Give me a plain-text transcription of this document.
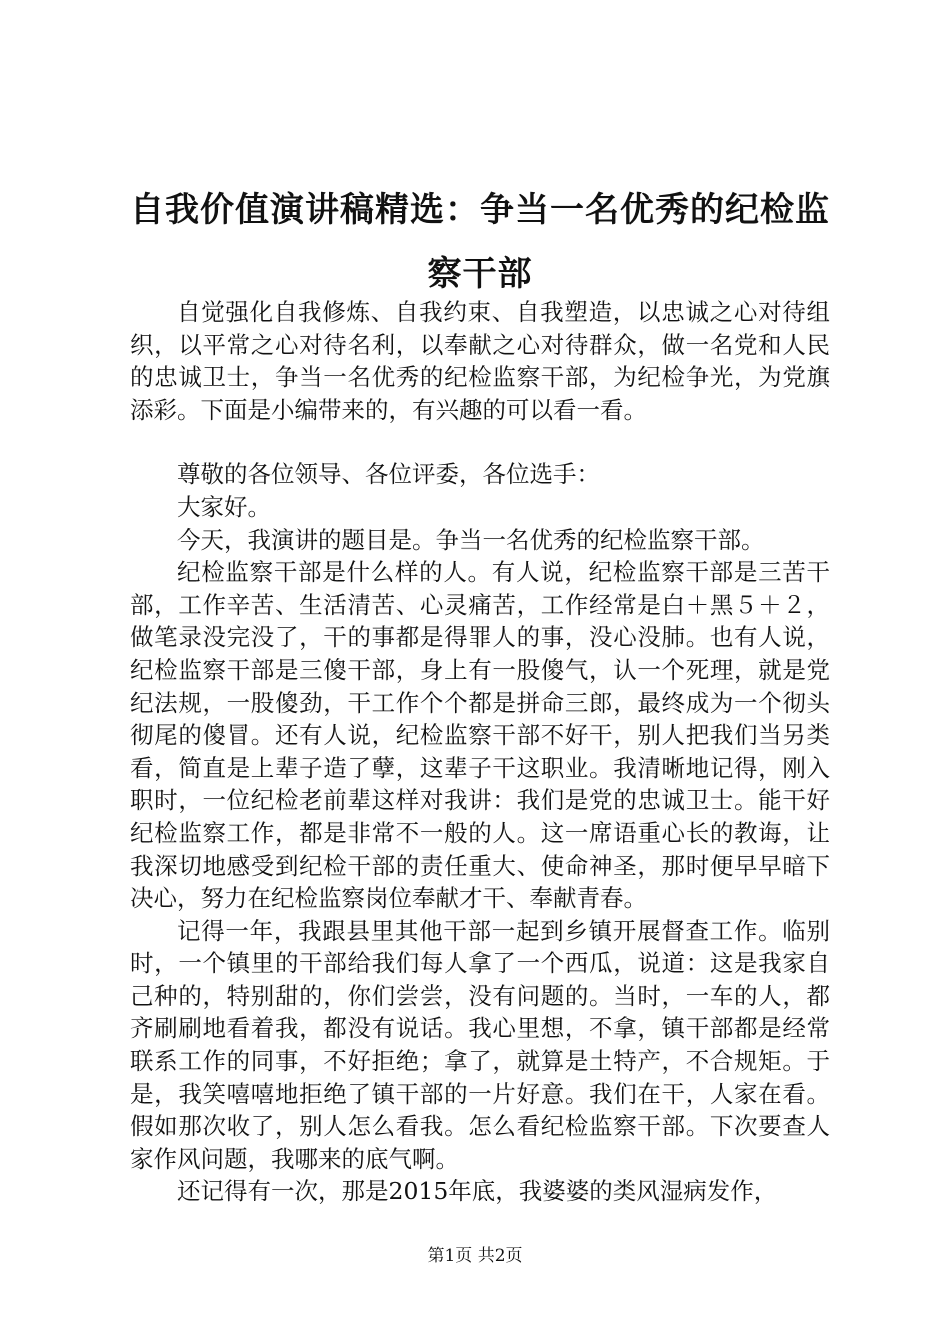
自我价值演讲稿精选：争当一名优秀的纪检监察干部

自觉强化自我修炼、自我约束、自我塑造，以忠诚之心对待组织，以平常之心对待名利，以奉献之心对待群众，做一名党和人民的忠诚卫士，争当一名优秀的纪检监察干部，为纪检争光，为党旗添彩。下面是小编带来的，有兴趣的可以看一看。

尊敬的各位领导、各位评委，各位选手：

大家好。

今天，我演讲的题目是。争当一名优秀的纪检监察干部。

纪检监察干部是什么样的人。有人说，纪检监察干部是三苦干部，工作辛苦、生活清苦、心灵痛苦，工作经常是白＋黑５＋２，做笔录没完没了，干的事都是得罪人的事，没心没肺。也有人说，纪检监察干部是三傻干部，身上有一股傻气，认一个死理，就是党纪法规，一股傻劲，干工作个个都是拼命三郎，最终成为一个彻头彻尾的傻冒。还有人说，纪检监察干部不好干，别人把我们当另类看，简直是上辈子造了孽，这辈子干这职业。我清晰地记得，刚入职时，一位纪检老前辈这样对我讲：我们是党的忠诚卫士。能干好纪检监察工作，都是非常不一般的人。这一席语重心长的教诲，让我深切地感受到纪检干部的责任重大、使命神圣，那时便早早暗下决心，努力在纪检监察岗位奉献才干、奉献青春。

记得一年，我跟县里其他干部一起到乡镇开展督查工作。临别时，一个镇里的干部给我们每人拿了一个西瓜，说道：这是我家自己种的，特别甜的，你们尝尝，没有问题的。当时，一车的人，都齐刷刷地看着我，都没有说话。我心里想，不拿，镇干部都是经常联系工作的同事，不好拒绝；拿了，就算是土特产，不合规矩。于是，我笑嘻嘻地拒绝了镇干部的一片好意。我们在干，人家在看。假如那次收了，别人怎么看我。怎么看纪检监察干部。下次要查人家作风问题，我哪来的底气啊。

还记得有一次，那是2015年底，我婆婆的类风湿病发作，

第1页 共2页
